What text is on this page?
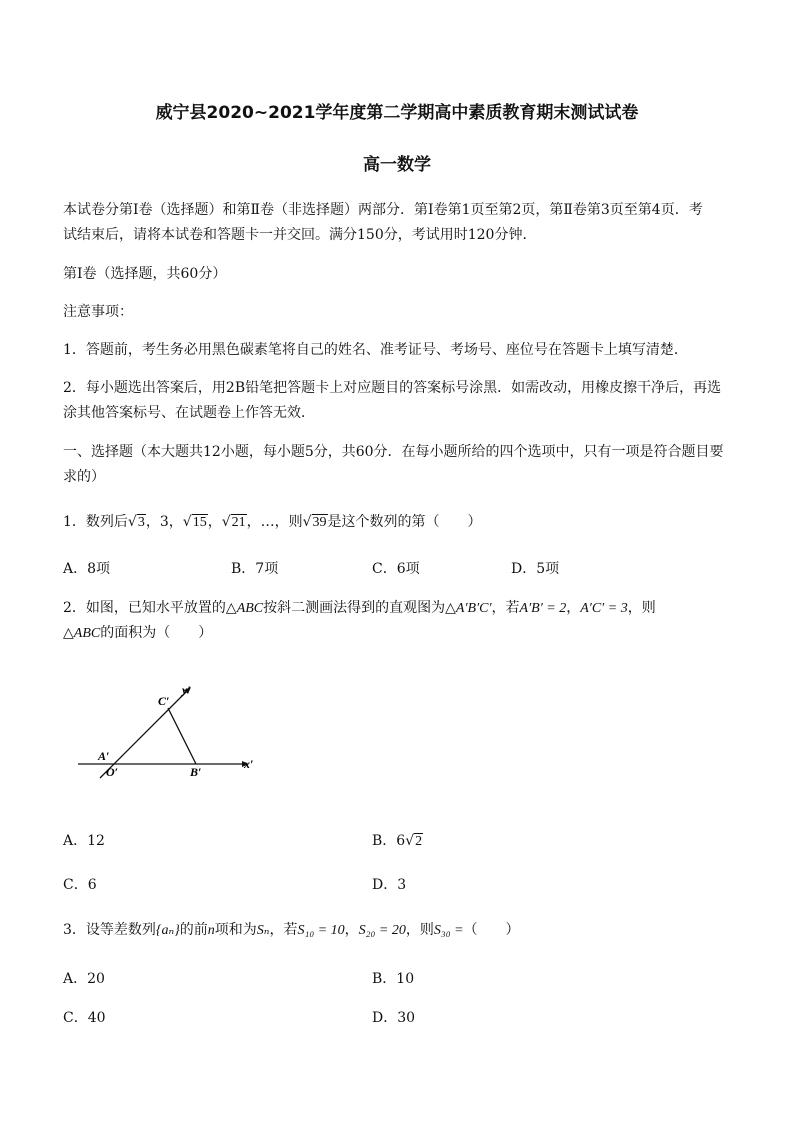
威宁县2020~2021学年度第二学期高中素质教育期末测试试卷
高一数学
本试卷分第Ⅰ卷（选择题）和第Ⅱ卷（非选择题）两部分．第Ⅰ卷第1页至第2页，第Ⅱ卷第3页至第4页．考
试结束后，请将本试卷和答题卡一并交回。满分150分，考试用时120分钟．
第Ⅰ卷（选择题，共60分）
注意事项：
1．答题前，考生务必用黑色碳素笔将自己的姓名、准考证号、考场号、座位号在答题卡上填写清楚．
2．每小题选出答案后，用2B铅笔把答题卡上对应题目的答案标号涂黑．如需改动，用橡皮擦干净后，再选
涂其他答案标号、在试题卷上作答无效．
一、选择题（本大题共12小题，每小题5分，共60分．在每小题所给的四个选项中，只有一项是符合题目要
求的）
1．数列后√3，3，√15，√21，…，则√39是这个数列的第（　　）
A．8项	B．7项	C．6项	D．5项
2．如图，已知水平放置的△ABC按斜二测画法得到的直观图为△A′B′C′，若A′B′ = 2，A′C′ = 3，则
△ABC的面积为（　　）
C′
y′
A′
O′	B′
x′
A．12	B．6√2
C．6	D．3
3．设等差数列{aₙ}的前n项和为Sₙ，若S₁₀ = 10，S₂₀ = 20，则S₃₀ =（　　）
A．20	B．10
C．40	D．30
